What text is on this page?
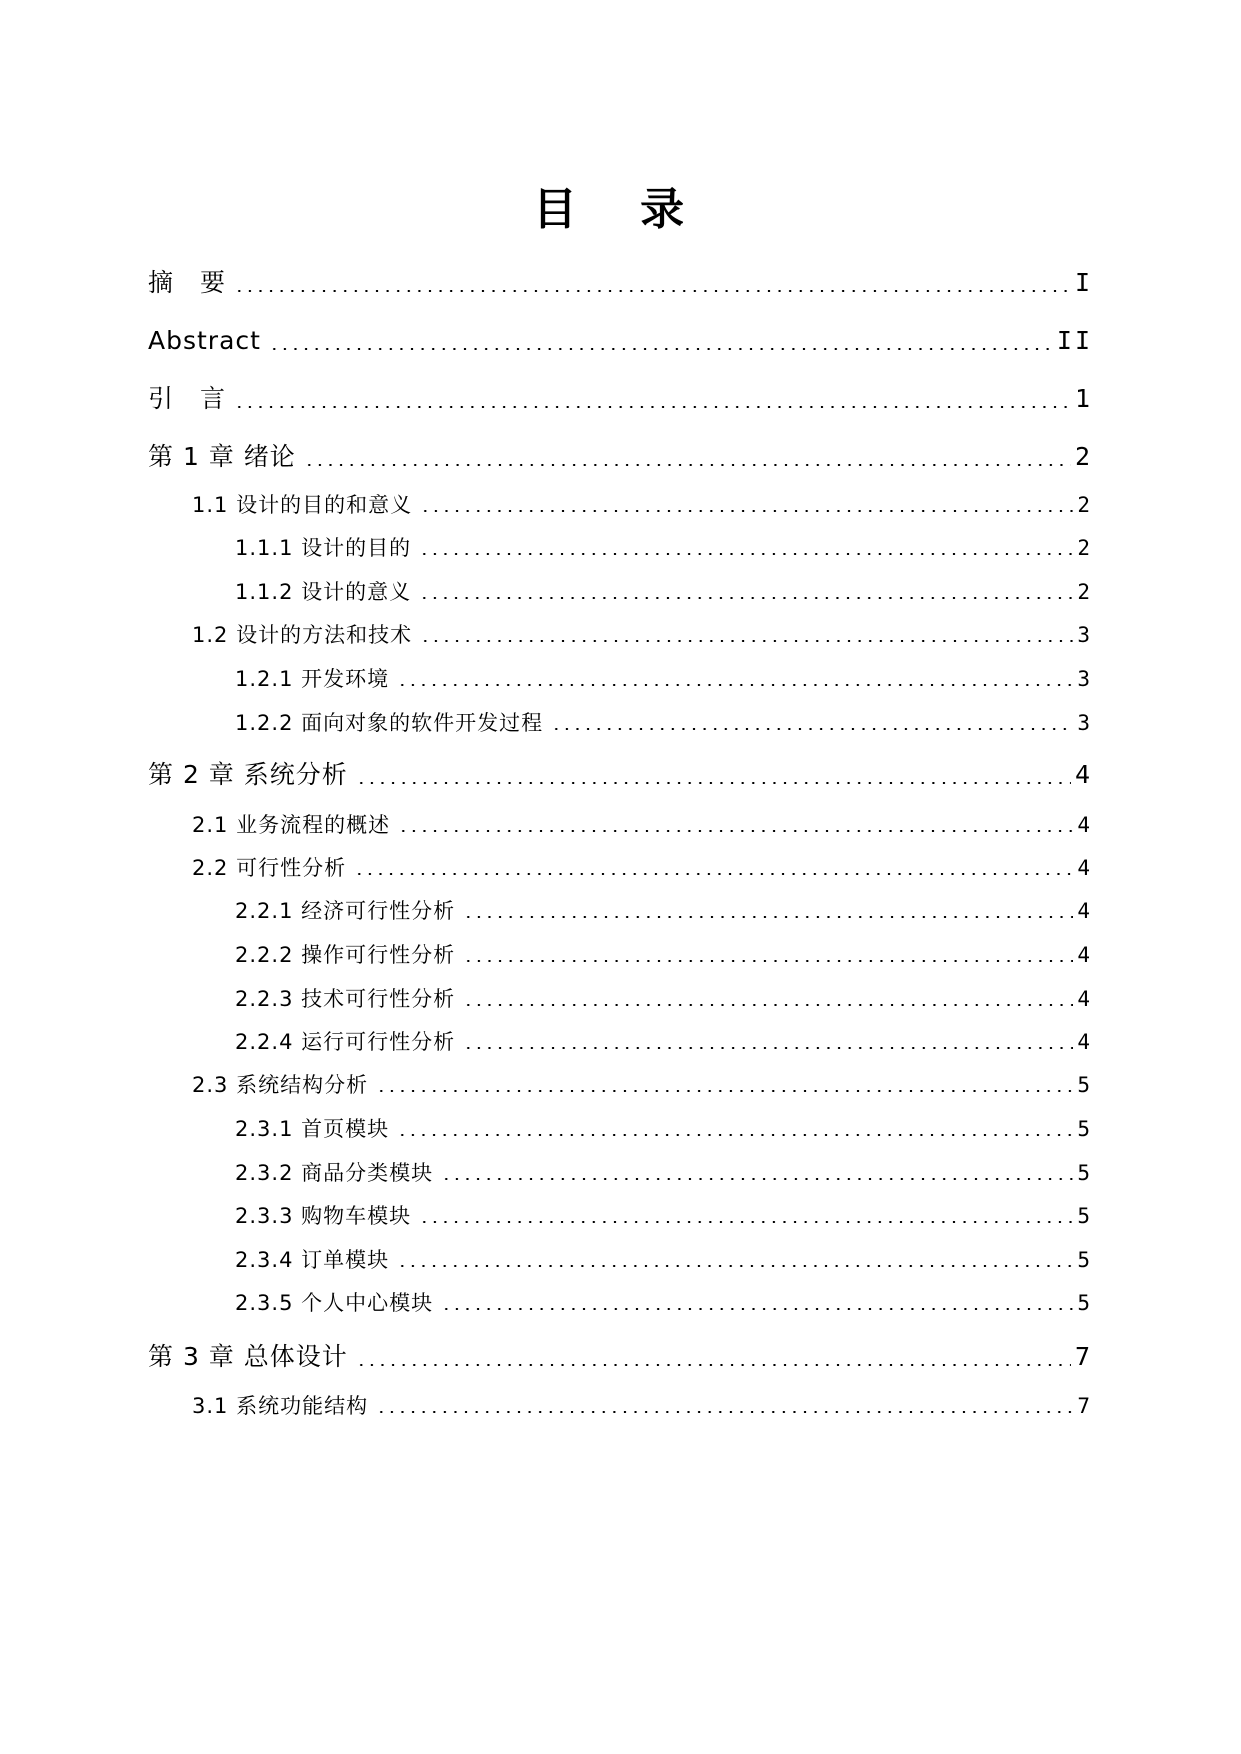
目 录
摘　要	I
Abstract	II
引　言	1
第 1 章 绪论	2
1.1 设计的目的和意义	2
1.1.1 设计的目的	2
1.1.2 设计的意义	2
1.2 设计的方法和技术	3
1.2.1 开发环境	3
1.2.2 面向对象的软件开发过程	3
第 2 章 系统分析	4
2.1 业务流程的概述	4
2.2 可行性分析	4
2.2.1 经济可行性分析	4
2.2.2 操作可行性分析	4
2.2.3 技术可行性分析	4
2.2.4 运行可行性分析	4
2.3 系统结构分析	5
2.3.1 首页模块	5
2.3.2 商品分类模块	5
2.3.3 购物车模块	5
2.3.4 订单模块	5
2.3.5 个人中心模块	5
第 3 章 总体设计	7
3.1 系统功能结构	7
